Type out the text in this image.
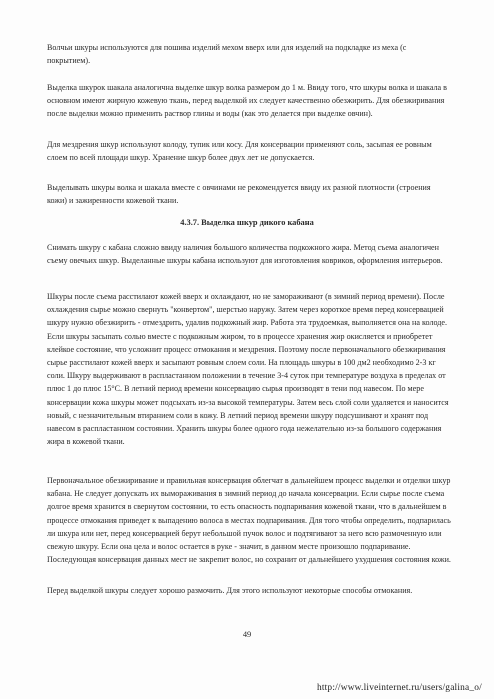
Волчьи шкуры используются для пошива изделий мехом вверх или для изделий на подкладке из меха (с покрытием).

Выделка шкурок шакала аналогична выделке шкур волка размером до 1 м. Ввиду того, что шкуры волка и шакала в основном имеют жирную кожевую ткань, перед выделкой их следует качественно обезжирить. Для обезжиривания после выделки можно применить раствор глины и воды (как это делается при выделке овчин).

Для мездрения шкур используют колоду, тупик или косу. Для консервации применяют соль, засыпая ее ровным слоем по всей площади шкур. Хранение шкур более двух лет не допускается.

Выделывать шкуры волка и шакала вместе с овчинами не рекомендуется ввиду их разной плотности (строения кожи) и зажиренности кожевой ткани.

4.3.7. Выделка шкур дикого кабана

Снимать шкуру с кабана сложно ввиду наличия большого количества подкожного жира. Метод съема аналогичен съему овечьих шкур. Выделанные шкуры кабана используют для изготовления ковриков, оформления интерьеров.

Шкуры после съема расстилают кожей вверх и охлаждают, но не замораживают (в зимний период времени). После охлаждения сырье можно свернуть "конвертом", шерстью наружу. Затем через короткое время перед консервацией шкуру нужно обезжирить - отмездрить, удалив подкожный жир. Работа эта трудоемкая, выполняется она на колоде. Если шкуры засыпать солью вместе с подкожным жиром, то в процессе хранения жир окисляется и приобретет клейкое состояние, что усложнит процесс отмокания и мездрения. Поэтому после первоначального обезжиривания сырье расстилают кожей вверх и засыпают ровным слоем соли. На площадь шкуры в 100 дм2 необходимо 2-3 кг соли. Шкуру выдерживают в распластанном положении в течение 3-4 суток при температуре воздуха в пределах от плюс 1 до плюс 15°С. В летний период времени консервацию сырья производят в тени под навесом. По мере консервации кожа шкуры может подсыхать из-за высокой температуры. Затем весь слой соли удаляется и наносится новый, с незначительным втиранием соли в кожу. В летний период времени шкуру подсушивают и хранят под навесом в распластанном состоянии. Хранить шкуры более одного года нежелательно из-за большого содержания жира в кожевой ткани.

Первоначальное обезжиривание и правильная консервация облегчат в дальнейшем процесс выделки и отделки шкур кабана. Не следует допускать их вымораживания в зимний период до начала консервации. Если сырье после съема долгое время хранится в свернутом состоянии, то есть опасность подпаривания кожевой ткани, что в дальнейшем в процессе отмокания приведет к выпадению волоса в местах подпаривания. Для того чтобы определить, подпарилась ли шкура или нет, перед консервацией берут небольшой пучок волос и подтягивают за него всю размоченную или свежую шкуру. Если она цела и волос остается в руке - значит, в данном месте произошло подпаривание. Последующая консервация данных мест не закрепит волос, но сохранит от дальнейшего ухудшения состояния кожи.

Перед выделкой шкуры следует хорошо размочить. Для этого используют некоторые способы отмокания.

49
http://www.liveinternet.ru/users/galina_o/
